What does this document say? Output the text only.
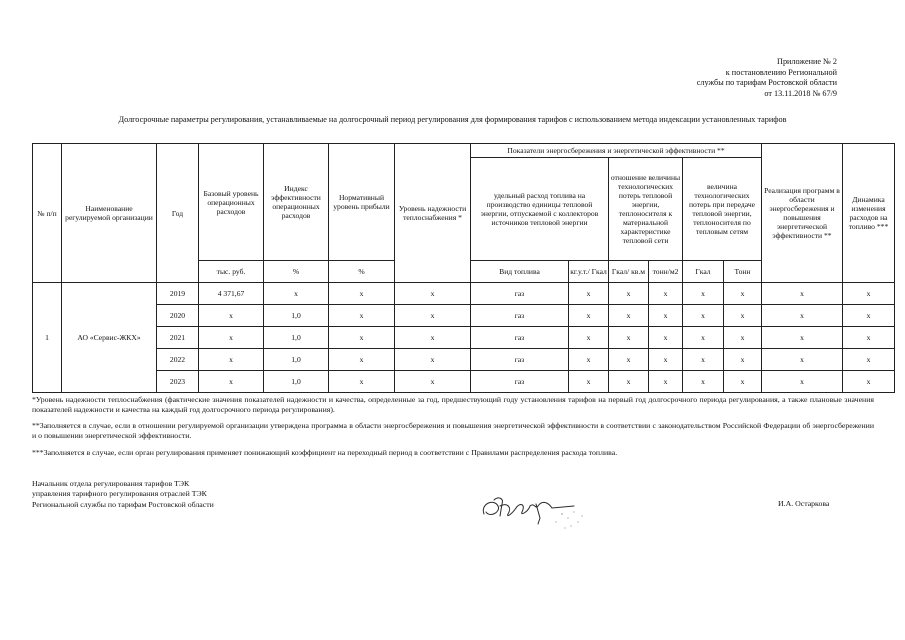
Приложение № 2
к постановлению Региональной
службы по тарифам Ростовской области
от 13.11.2018 № 67/9
Долгосрочные параметры регулирования, устанавливаемые на долгосрочный период регулирования для формирования тарифов с использованием метода индексации установленных тарифов
№ п/п	Наименование регулируемой организации	Год	Базовый уровень операционных расходов	Индекс эффективности операционных расходов	Нормативный уровень прибыли	Уровень надежности теплоснабжения *	Показатели энергосбережения и энергетической эффективности **						Реализация программ в области энергосбережения и повышения энергетической эффективности **	Динамика изменения расходов на топливо ***
							удельный расход топлива на производство единицы тепловой энергии, отпускаемой с коллекторов источников тепловой энергии		отношение величины технологических потерь тепловой энергии, теплоносителя к материальной характеристике тепловой сети		величина технологических потерь при передаче тепловой энергии, теплоносителя по тепловым сетям			
			тыс. руб.	%	%		Вид топлива	кг.у.т./ Гкал	Гкал/ кв.м	тонн/м2	Гкал	Тонн		
1	АО «Сервис-ЖКХ»	2019	4 371,67	x	x	x	газ	x	x	x	x	x	x	x
		2020	x	1,0	x	x	газ	x	x	x	x	x	x	x
		2021	x	1,0	x	x	газ	x	x	x	x	x	x	x
		2022	x	1,0	x	x	газ	x	x	x	x	x	x	x
		2023	x	1,0	x	x	газ	x	x	x	x	x	x	x
*Уровень надежности теплоснабжения (фактические значения показателей надежности и качества, определенные за год, предшествующий году установления тарифов на первый год долгосрочного периода регулирования, а также плановые значения показателей надежности и качества на каждый год долгосрочного периода регулирования).
**Заполняется в случае, если в отношении регулируемой организации утверждена программа в области энергосбережения и повышения энергетической эффективности в соответствии с законодательством Российской Федерации об энергосбережении и о повышении энергетической эффективности.
***Заполняется в случае, если орган регулирования применяет понижающий коэффициент на переходный период в соответствии с Правилами распределения расхода топлива.
Начальник отдела регулирования тарифов ТЭК
управления тарифного регулирования отраслей ТЭК
Региональной службы по тарифам Ростовской области	И.А. Остаркова
